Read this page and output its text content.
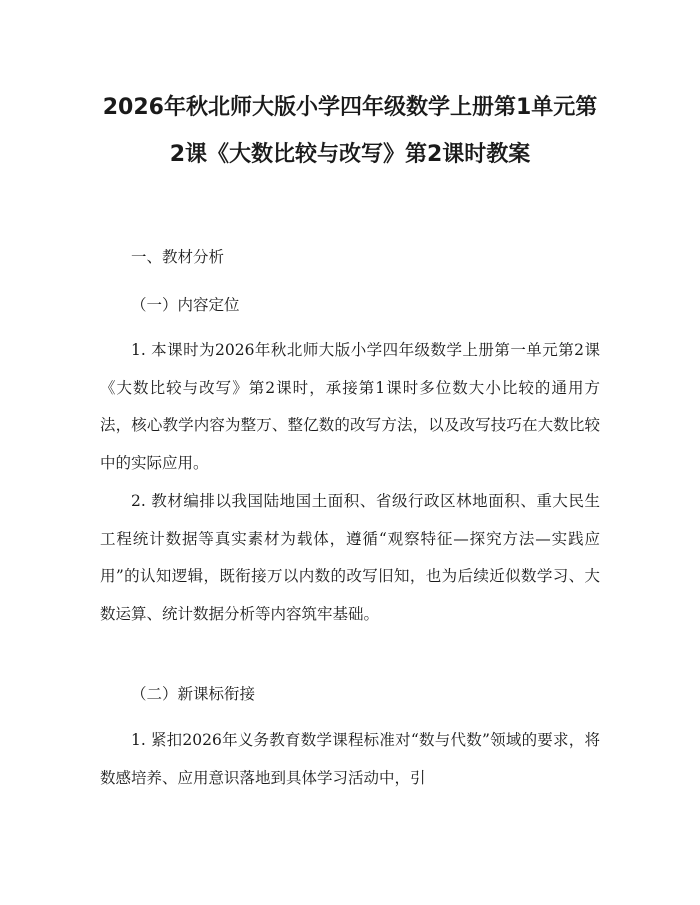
2026年秋北师大版小学四年级数学上册第1单元第2课《大数比较与改写》第2课时教案

一、教材分析

（一）内容定位

1. 本课时为2026年秋北师大版小学四年级数学上册第一单元第2课《大数比较与改写》第2课时，承接第1课时多位数大小比较的通用方法，核心教学内容为整万、整亿数的改写方法，以及改写技巧在大数比较中的实际应用。

2. 教材编排以我国陆地国土面积、省级行政区林地面积、重大民生工程统计数据等真实素材为载体，遵循“观察特征—探究方法—实践应用”的认知逻辑，既衔接万以内数的改写旧知，也为后续近似数学习、大数运算、统计数据分析等内容筑牢基础。

（二）新课标衔接

1. 紧扣2026年义务教育数学课程标准对“数与代数”领域的要求，将数感培养、应用意识落地到具体学习活动中，引
